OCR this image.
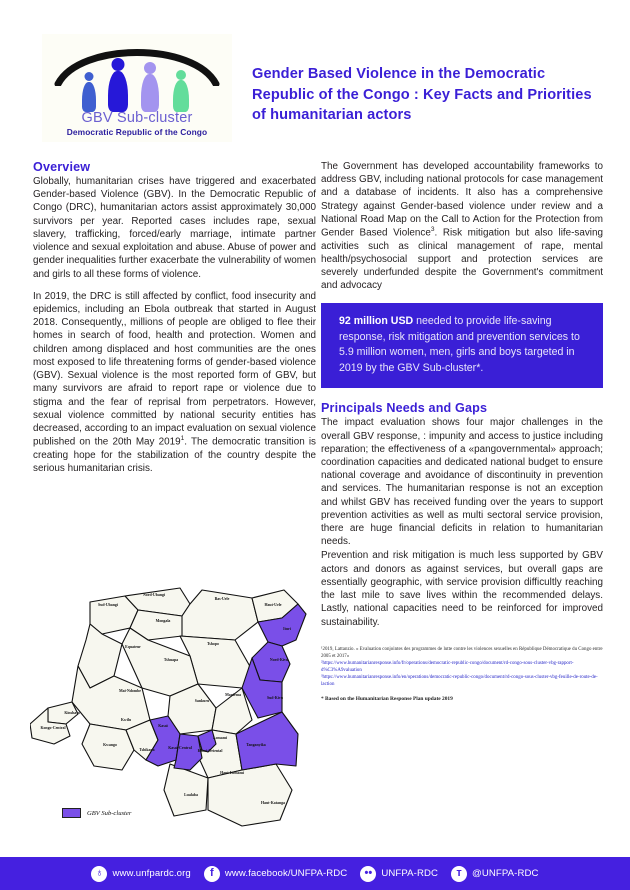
GBV Sub-cluster
Democratic Republic of the Congo
Gender Based Violence in the Democratic Republic of the Congo : Key Facts and Priorities of humanitarian actors
Overview

Globally, humanitarian crises have triggered and exacerbated Gender-based Violence (GBV). In the Democratic Republic of Congo (DRC), humanitarian actors assist approximately 30,000 survivors per year. Reported cases includes rape, sexual slavery, trafficking, forced/early marriage, intimate partner violence and sexual exploitation and abuse. Abuse of power and gender inequalities further exacerbate the vulnerability of women and girls to all these forms of violence.

In 2019, the DRC is still affected by conflict, food insecurity and epidemics, including an Ebola outbreak that started in August 2018. Consequently,, millions of people are obliged to flee their homes in search of food, health and protection. Women and children among displaced and host communities are the ones most exposed to life threatening forms of gender-based violence (GBV). Sexual violence is the most reported form of GBV, but many survivors are afraid to report rape or violence due to stigma and the fear of reprisal from perpetrators. However, sexual violence committed by national security entities has decreased, according to an impact evaluation on sexual violence published on the 20th May 2019$^1$. The democratic transition is creating hope for the stabilization of the country despite the serious humanitarian crisis.

Sud-Ubangi
Nord-Ubangi
Bas-Uele
Haut-Uele
Mongala
Ituri
Equateur
Tshopo
Tshuapa	Nord-Kivu
Mai-Ndombe
Sankuru
Maniema
Sud-Kivu
Kinshasa
Kongo-Central
Kwilu
Kasaï
Kasaï-Central
Kasaï-Oriental
Lomami
Tanganyika
Kwango
Tshikapa
Haut-Lomami
Lualaba
Haut-Katanga
GBV Sub-cluster

The Government has developed accountability frameworks to address GBV, including national protocols for case management and a database of incidents. It also has a comprehensive Strategy against Gender-based violence under review and a National Road Map on the Call to Action for the Protection from Gender Based Violence$^3$. Risk mitigation but also life-saving activities such as clinical management of rape, mental health/psychosocial support and protection services are severely underfunded despite the Government's commitment and advocacy

92 million USD needed to provide life-saving response, risk mitigation and prevention services to 5.9 million women, men, girls and boys targeted in 2019 by the GBV Sub-cluster*.

Principals Needs and Gaps

The impact evaluation shows four major challenges in the overall GBV response, : impunity and access to justice including reparation; the effectiveness of a «pangovernmental» approach; coordination capacities and dedicated national budget to ensure national coverage and avoidance of discontinuity in prevention and services. The humanitarian response is not an exception and whilst GBV has received funding over the years to support prevention activities as well as multi sectoral service provision, there are huge financial deficits in relation to humanitarian needs.

Prevention and risk mitigation is much less supported by GBV actors and donors as against services, but overall gaps are essentially geographic, with service provision difficultly reaching the last mile to save lives within the recommended delays. Lastly, national capacities need to be reinforced for improved sustainability.

¹2019, Lattanzio. « Evaluation conjointes des programmes de lutte contre les violences sexuelles en République Démocratique du Congo entre 2005 et 2017»
²https://www.humanitarianresponse.info/fr/operations/democratic-republic-congo/document/rd-congo-sous-cluster-vbg-rapport-d%C3%A9valuation
³https://www.humanitarianresponse.info/en/operations/democratic-republic-congo/document/rd-congo-sous-cluster-vbg-feuille-de-route-de-laction
* Based on the Humanitarian Response Plan update 2019
♁ www.unfpardc.org	f	www.facebook/UNFPA-RDC	•• UNFPA-RDC	ᴛ	@UNFPA-RDC
